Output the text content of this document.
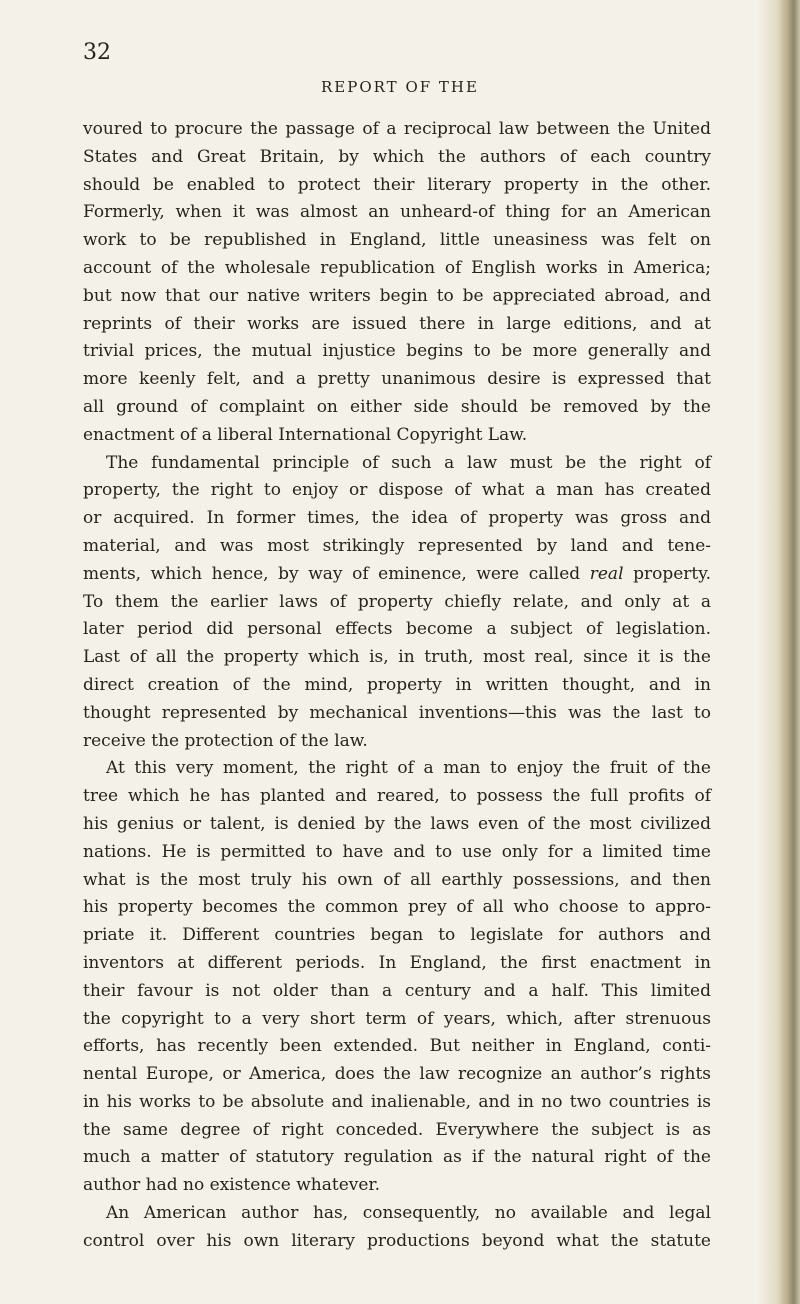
32
REPORT OF THE

voured to procure the passage of a reciprocal law between the United
States and Great Britain, by which the authors of each country
should be enabled to protect their literary property in the other.
Formerly, when it was almost an unheard-of thing for an American
work to be republished in England, little uneasiness was felt on
account of the wholesale republication of English works in America;
but now that our native writers begin to be appreciated abroad, and
reprints of their works are issued there in large editions, and at
trivial prices, the mutual injustice begins to be more generally and
more keenly felt, and a pretty unanimous desire is expressed that
all ground of complaint on either side should be removed by the
enactment of a liberal International Copyright Law.

The fundamental principle of such a law must be the right of
property, the right to enjoy or dispose of what a man has created
or acquired. In former times, the idea of property was gross and
material, and was most strikingly represented by land and tene-
ments, which hence, by way of eminence, were called real property.
To them the earlier laws of property chiefly relate, and only at a
later period did personal effects become a subject of legislation.
Last of all the property which is, in truth, most real, since it is the
direct creation of the mind, property in written thought, and in
thought represented by mechanical inventions—this was the last to
receive the protection of the law.

At this very moment, the right of a man to enjoy the fruit of the
tree which he has planted and reared, to possess the full profits of
his genius or talent, is denied by the laws even of the most civilized
nations. He is permitted to have and to use only for a limited time
what is the most truly his own of all earthly possessions, and then
his property becomes the common prey of all who choose to appro-
priate it. Different countries began to legislate for authors and
inventors at different periods. In England, the first enactment in
their favour is not older than a century and a half. This limited
the copyright to a very short term of years, which, after strenuous
efforts, has recently been extended. But neither in England, conti-
nental Europe, or America, does the law recognize an author’s rights
in his works to be absolute and inalienable, and in no two countries is
the same degree of right conceded. Everywhere the subject is as
much a matter of statutory regulation as if the natural right of the
author had no existence whatever.

An American author has, consequently, no available and legal
control over his own literary productions beyond what the statute
